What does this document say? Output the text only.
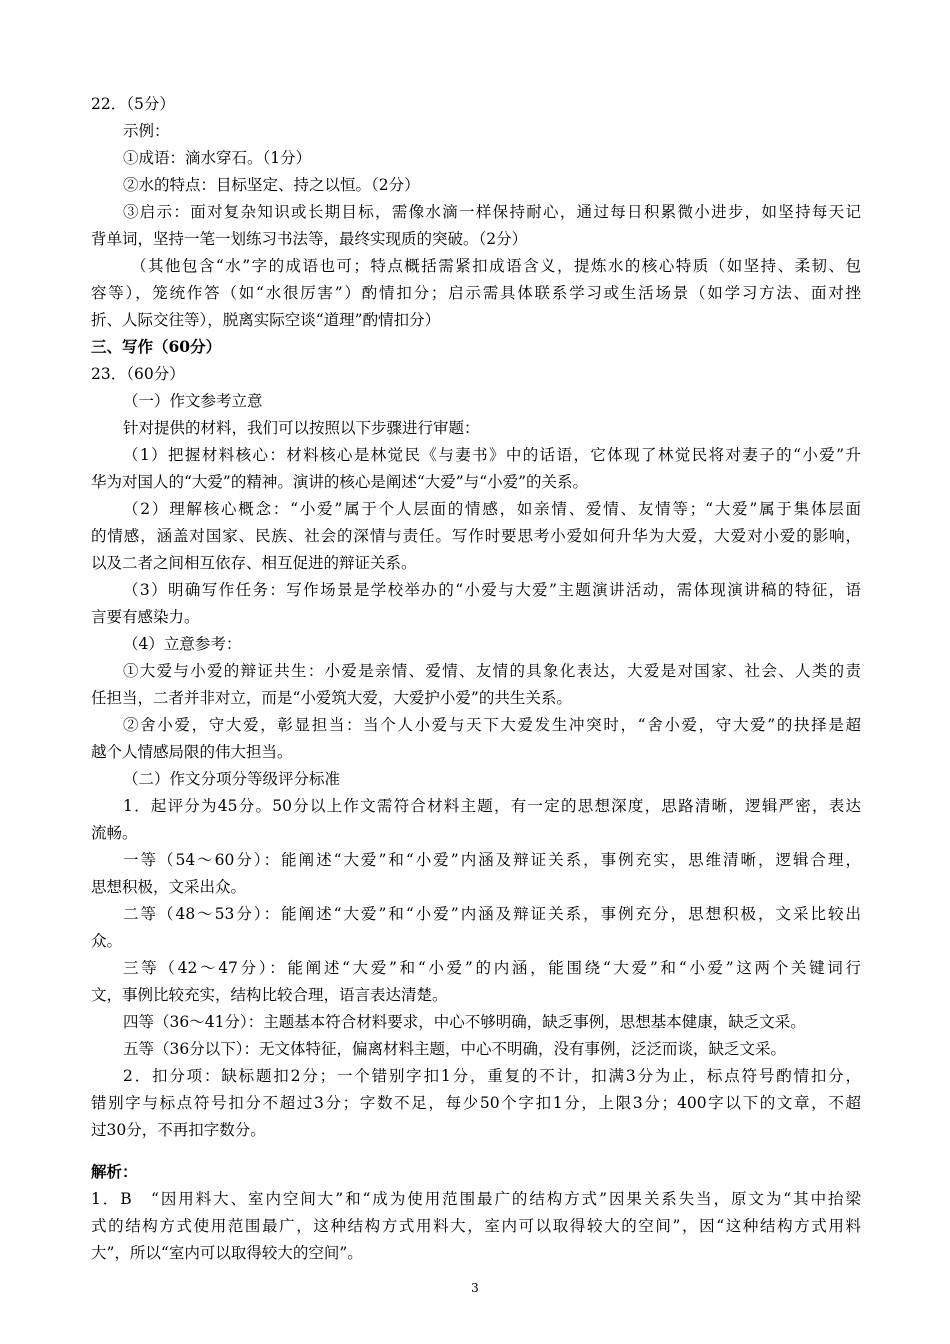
22．（5分）
示例：
①成语：滴水穿石。（1分）
②水的特点：目标坚定、持之以恒。（2分）
③启示：面对复杂知识或长期目标，需像水滴一样保持耐心，通过每日积累微小进步，如坚持每天记
背单词，坚持一笔一划练习书法等，最终实现质的突破。（2分）
（其他包含“水”字的成语也可；特点概括需紧扣成语含义，提炼水的核心特质（如坚持、柔韧、包
容等），笼统作答（如“水很厉害”）酌情扣分；启示需具体联系学习或生活场景（如学习方法、面对挫
折、人际交往等），脱离实际空谈“道理”酌情扣分）
三、写作（60分）
23．（60分）
（一）作文参考立意
针对提供的材料，我们可以按照以下步骤进行审题：
（1）把握材料核心：材料核心是林觉民《与妻书》中的话语，它体现了林觉民将对妻子的“小爱”升
华为对国人的“大爱”的精神。演讲的核心是阐述“大爱”与“小爱”的关系。
（2）理解核心概念：“小爱”属于个人层面的情感，如亲情、爱情、友情等；“大爱”属于集体层面
的情感，涵盖对国家、民族、社会的深情与责任。写作时要思考小爱如何升华为大爱，大爱对小爱的影响，
以及二者之间相互依存、相互促进的辩证关系。
（3）明确写作任务：写作场景是学校举办的“小爱与大爱”主题演讲活动，需体现演讲稿的特征，语
言要有感染力。
（4）立意参考：
①大爱与小爱的辩证共生：小爱是亲情、爱情、友情的具象化表达，大爱是对国家、社会、人类的责
任担当，二者并非对立，而是“小爱筑大爱，大爱护小爱”的共生关系。
②舍小爱，守大爱，彰显担当：当个人小爱与天下大爱发生冲突时，“舍小爱，守大爱”的抉择是超
越个人情感局限的伟大担当。
（二）作文分项分等级评分标准
1．起评分为45分。50分以上作文需符合材料主题，有一定的思想深度，思路清晰，逻辑严密，表达
流畅。
一等（54～60分）：能阐述“大爱”和“小爱”内涵及辩证关系，事例充实，思维清晰，逻辑合理，
思想积极，文采出众。
二等（48～53分）：能阐述“大爱”和“小爱”内涵及辩证关系，事例充分，思想积极，文采比较出
众。
三等（42～47分）：能阐述“大爱”和“小爱”的内涵，能围绕“大爱”和“小爱”这两个关键词行
文，事例比较充实，结构比较合理，语言表达清楚。
四等（36～41分）：主题基本符合材料要求，中心不够明确，缺乏事例，思想基本健康，缺乏文采。
五等（36分以下）：无文体特征，偏离材料主题，中心不明确，没有事例，泛泛而谈，缺乏文采。
2．扣分项：缺标题扣2分；一个错别字扣1分，重复的不计，扣满3分为止，标点符号酌情扣分，
错别字与标点符号扣分不超过3分；字数不足，每少50个字扣1分，上限3分；400字以下的文章，不超
过30分，不再扣字数分。
解析：
1．B　“因用料大、室内空间大”和“成为使用范围最广的结构方式”因果关系失当，原文为“其中抬梁
式的结构方式使用范围最广，这种结构方式用料大，室内可以取得较大的空间”，因“这种结构方式用料
大”，所以“室内可以取得较大的空间”。
3
